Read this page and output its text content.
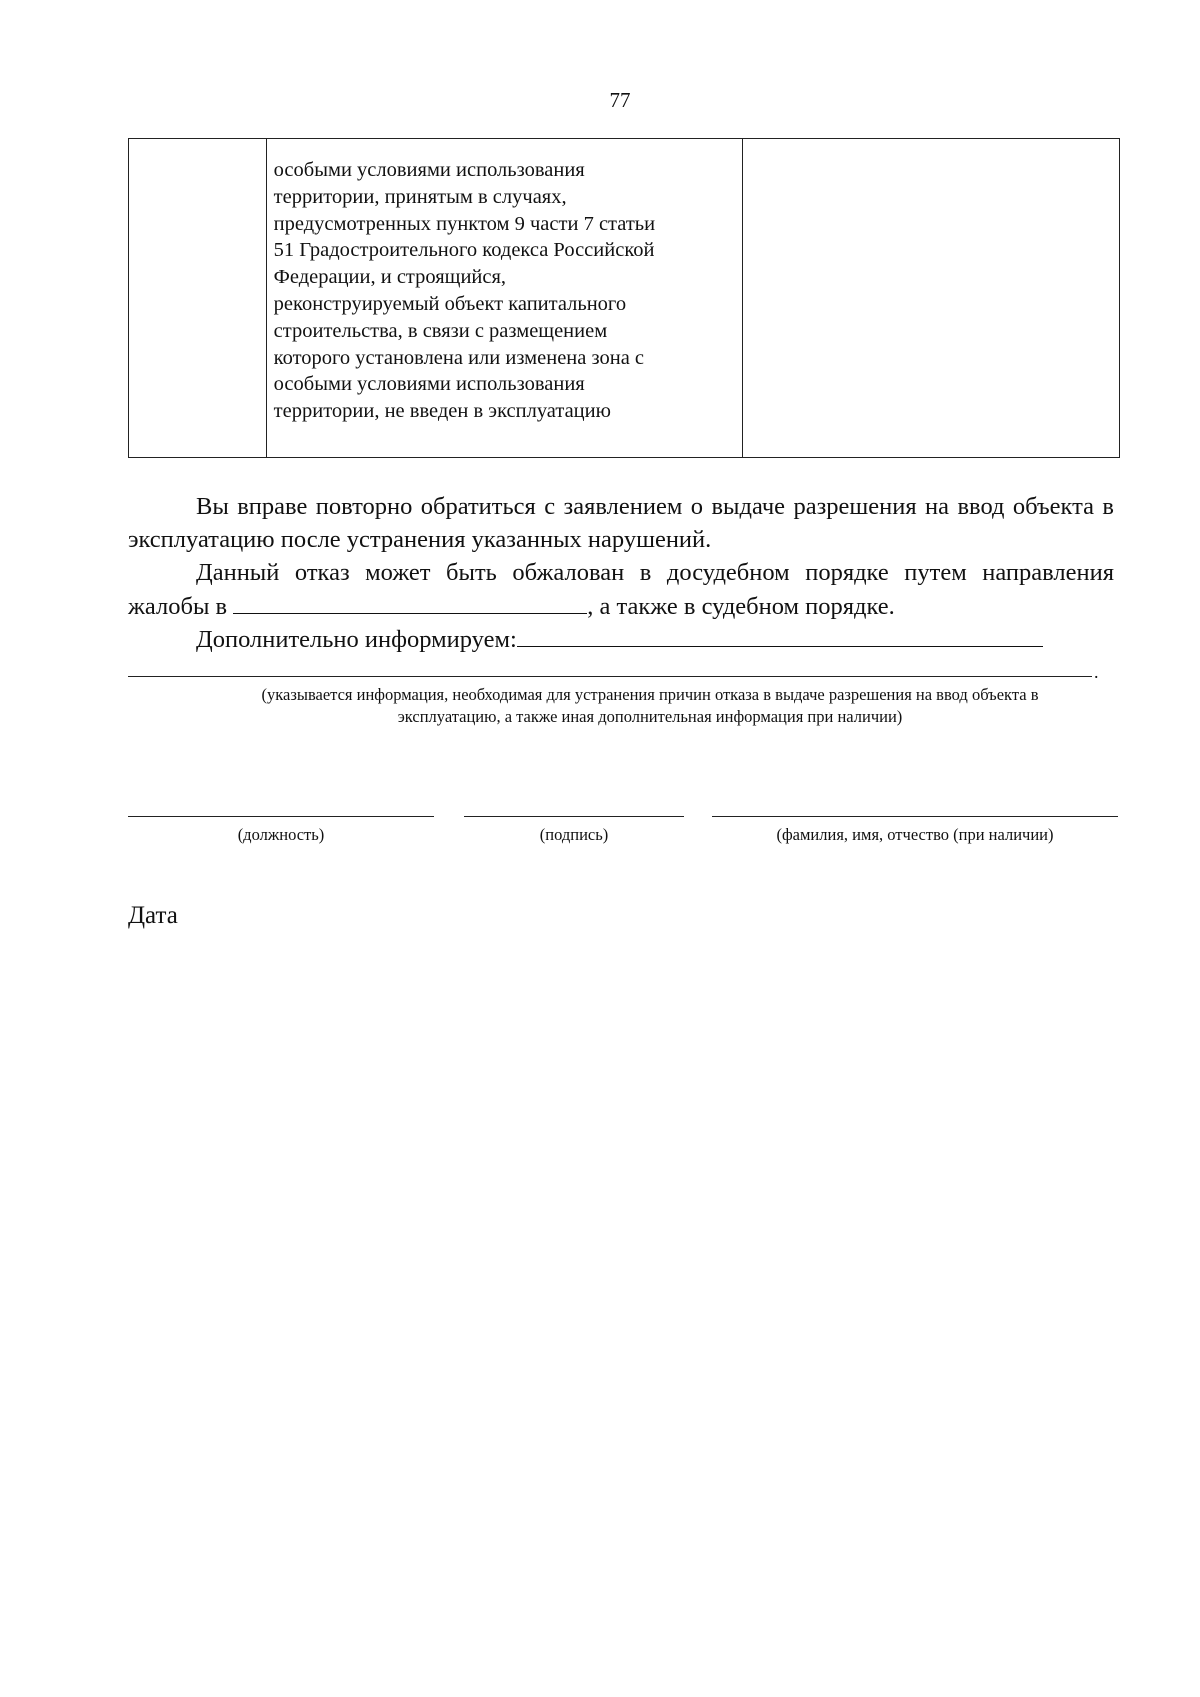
77

особыми условиями использования
территории, принятым в случаях,
предусмотренных пунктом 9 части 7 статьи
51 Градостроительного кодекса Российской
Федерации, и строящийся,
реконструируемый объект капитального
строительства, в связи с размещением
которого установлена или изменена зона с
особыми условиями использования
территории, не введен в эксплуатацию

Вы вправе повторно обратиться с заявлением о выдаче разрешения на ввод объекта в эксплуатацию после устранения указанных нарушений.
Данный отказ может быть обжалован в досудебном порядке путем направления жалобы в	, а также в судебном порядке.
Дополнительно информируем:
.
(указывается информация, необходимая для устранения причин отказа в выдаче разрешения на ввод объекта в эксплуатацию, а также иная дополнительная информация при наличии)
(должность)	(подпись)	(фамилия, имя, отчество (при наличии)
Дата
